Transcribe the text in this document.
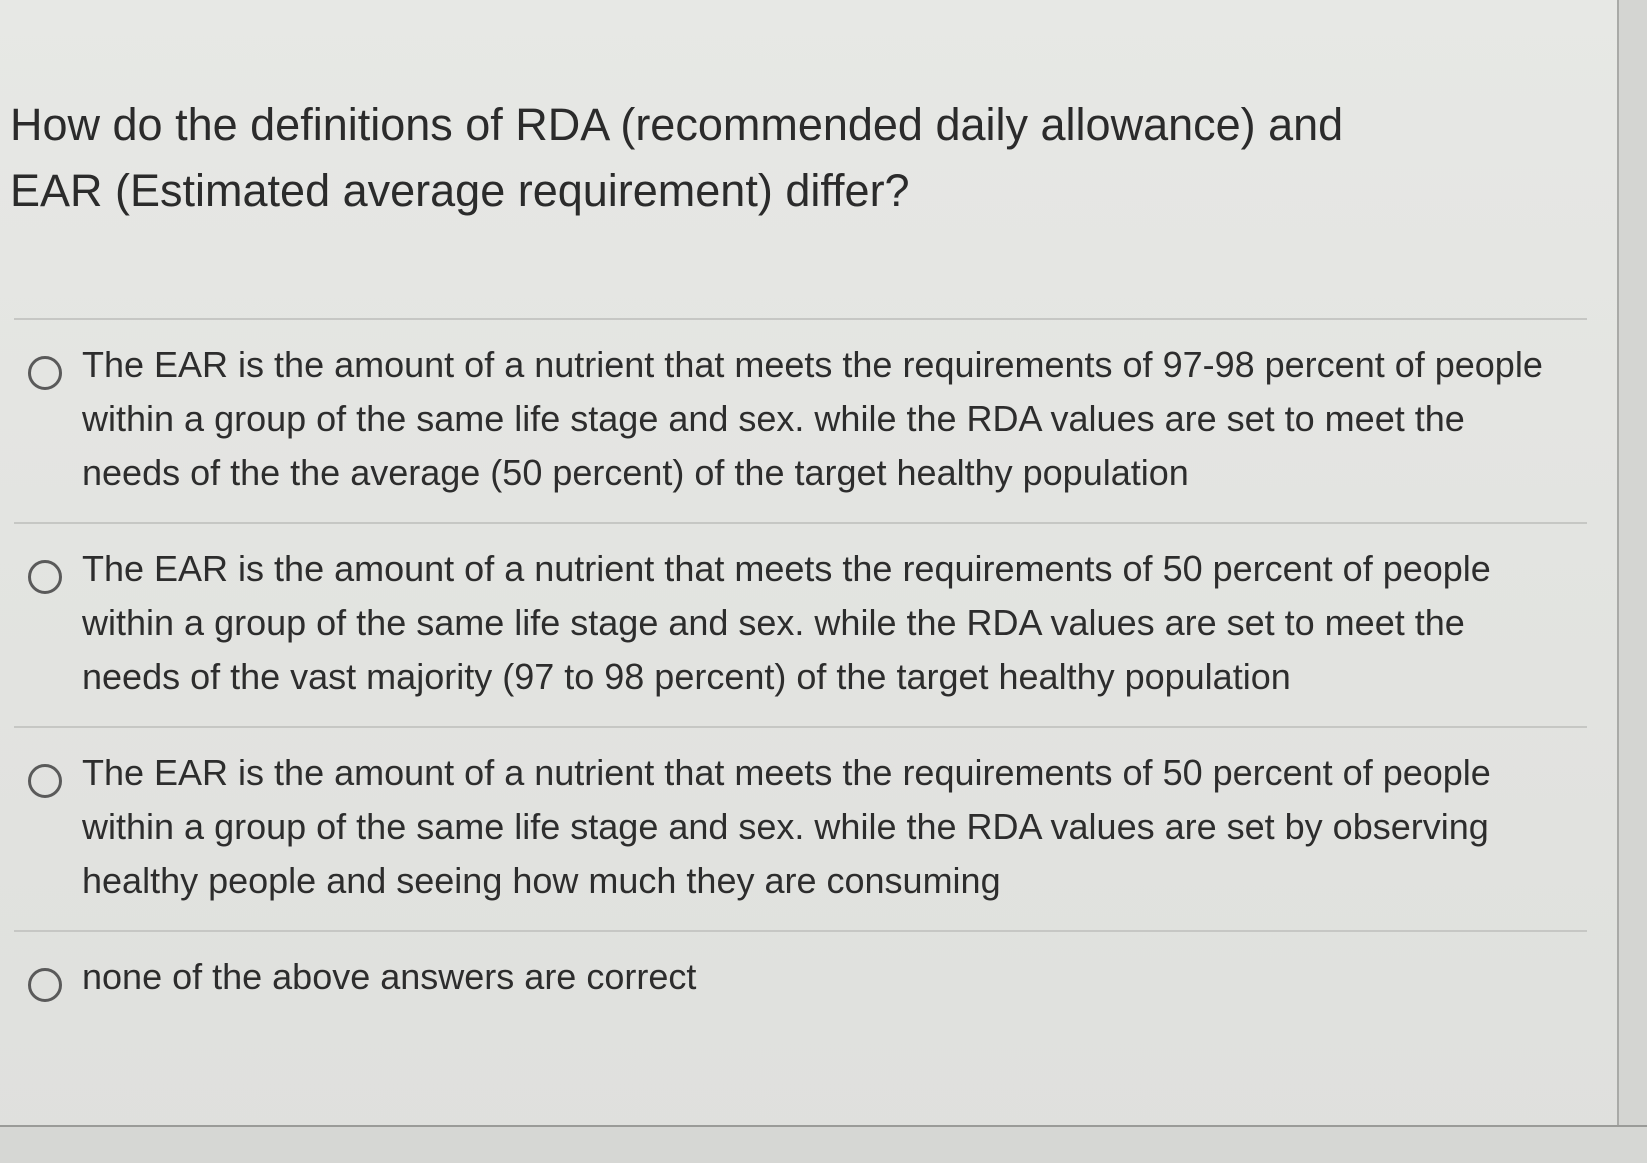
How do the definitions of RDA (recommended daily allowance) and EAR (Estimated average requirement) differ?
The EAR is the amount of a nutrient that meets the requirements of 97-98 percent of people within a group of the same life stage and sex. while the RDA values are set to meet the needs of the the average (50 percent) of the target healthy population
The EAR is the amount of a nutrient that meets the requirements of 50 percent of people within a group of the same life stage and sex. while the RDA values are set to meet the needs of the vast majority (97 to 98 percent) of the target healthy population
The EAR is the amount of a nutrient that meets the requirements of 50 percent of people within a group of the same life stage and sex. while the RDA values are set by observing healthy people and seeing how much they are consuming
none of the above answers are correct
